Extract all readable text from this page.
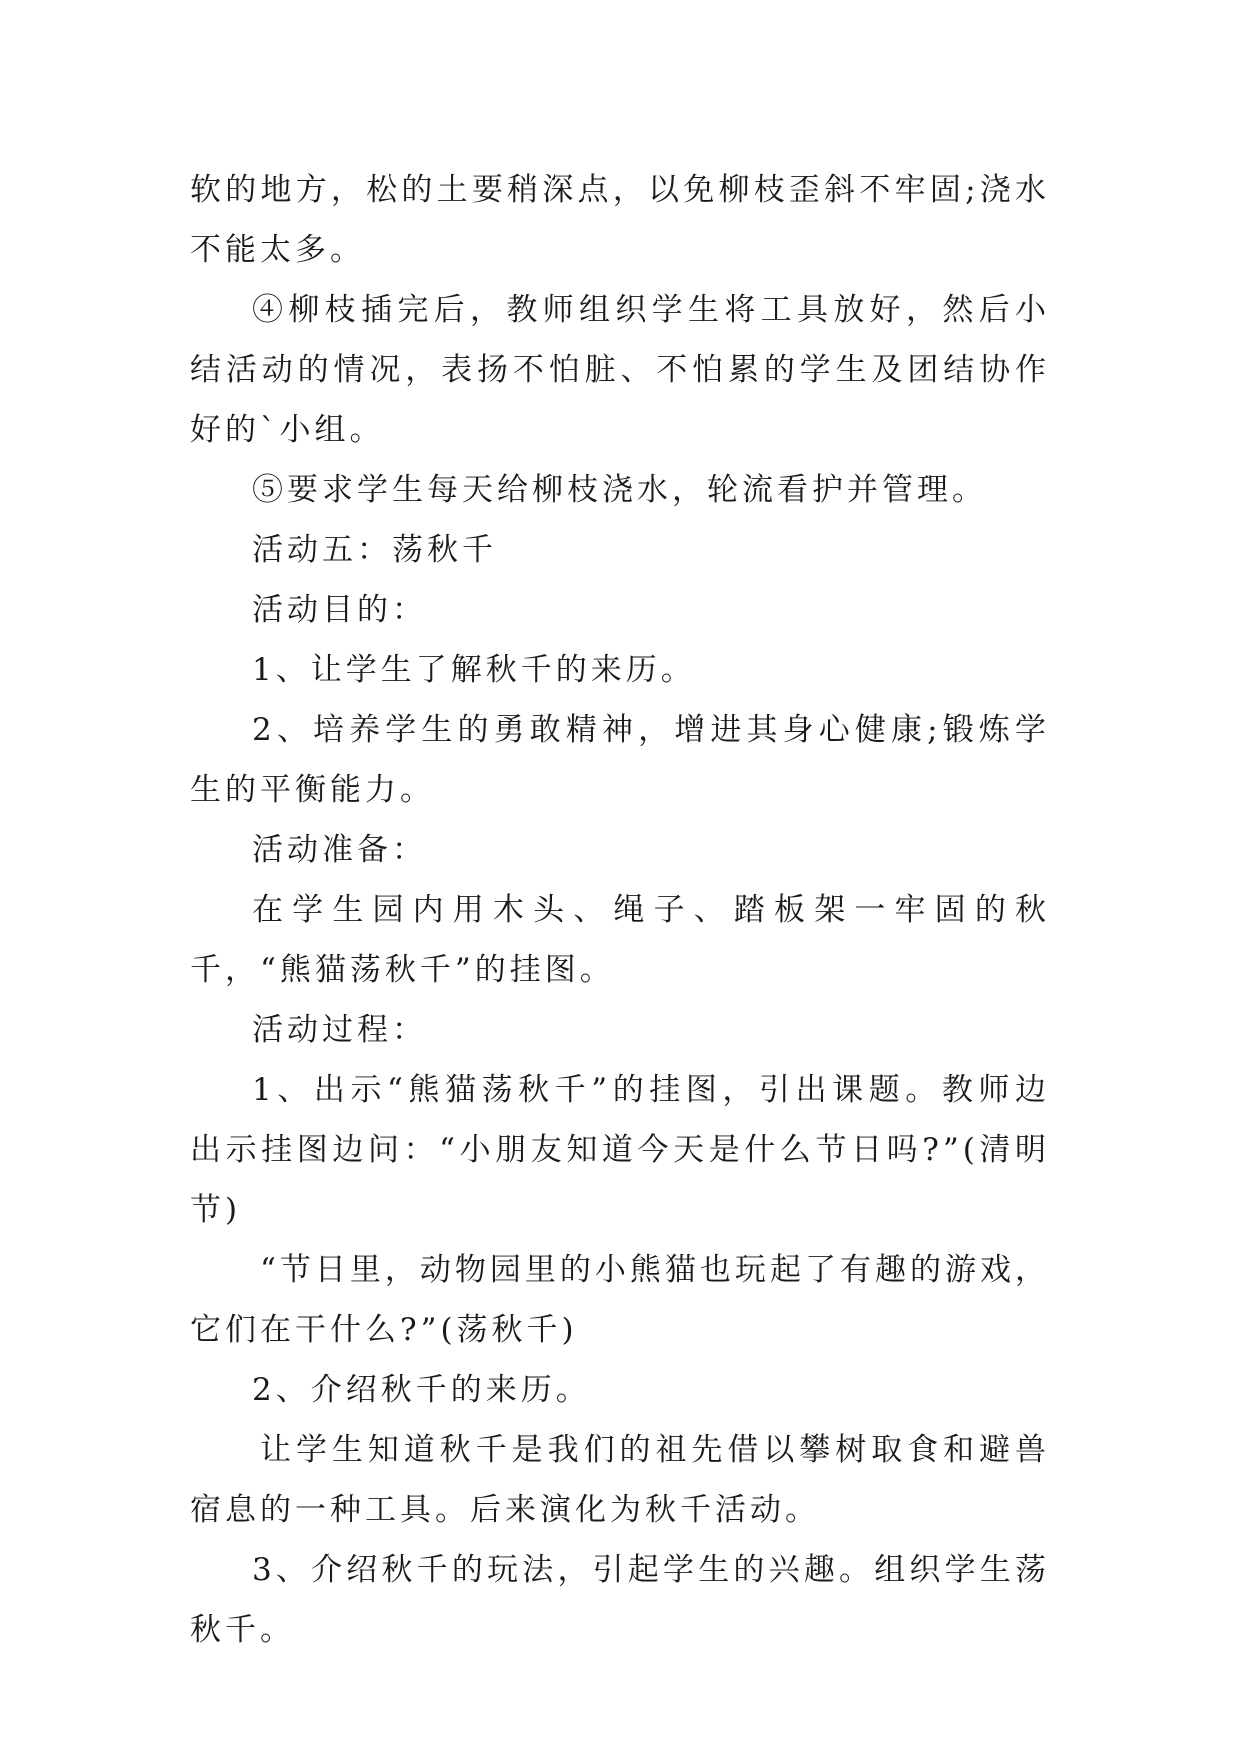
软的地方，松的土要稍深点，以免柳枝歪斜不牢固;浇水不能太多。

④柳枝插完后，教师组织学生将工具放好，然后小结活动的情况，表扬不怕脏、不怕累的学生及团结协作好的`小组。

⑤要求学生每天给柳枝浇水，轮流看护并管理。

活动五：荡秋千

活动目的：

1、让学生了解秋千的来历。

2、培养学生的勇敢精神，增进其身心健康;锻炼学生的平衡能力。

活动准备：

在学生园内用木头、绳子、踏板架一牢固的秋千，“熊猫荡秋千”的挂图。

活动过程：

1、出示“熊猫荡秋千”的挂图，引出课题。教师边出示挂图边问：“小朋友知道今天是什么节日吗?”(清明节)

“节日里，动物园里的小熊猫也玩起了有趣的游戏，它们在干什么?”(荡秋千)

2、介绍秋千的来历。

让学生知道秋千是我们的祖先借以攀树取食和避兽宿息的一种工具。后来演化为秋千活动。

3、介绍秋千的玩法，引起学生的兴趣。组织学生荡秋千。
